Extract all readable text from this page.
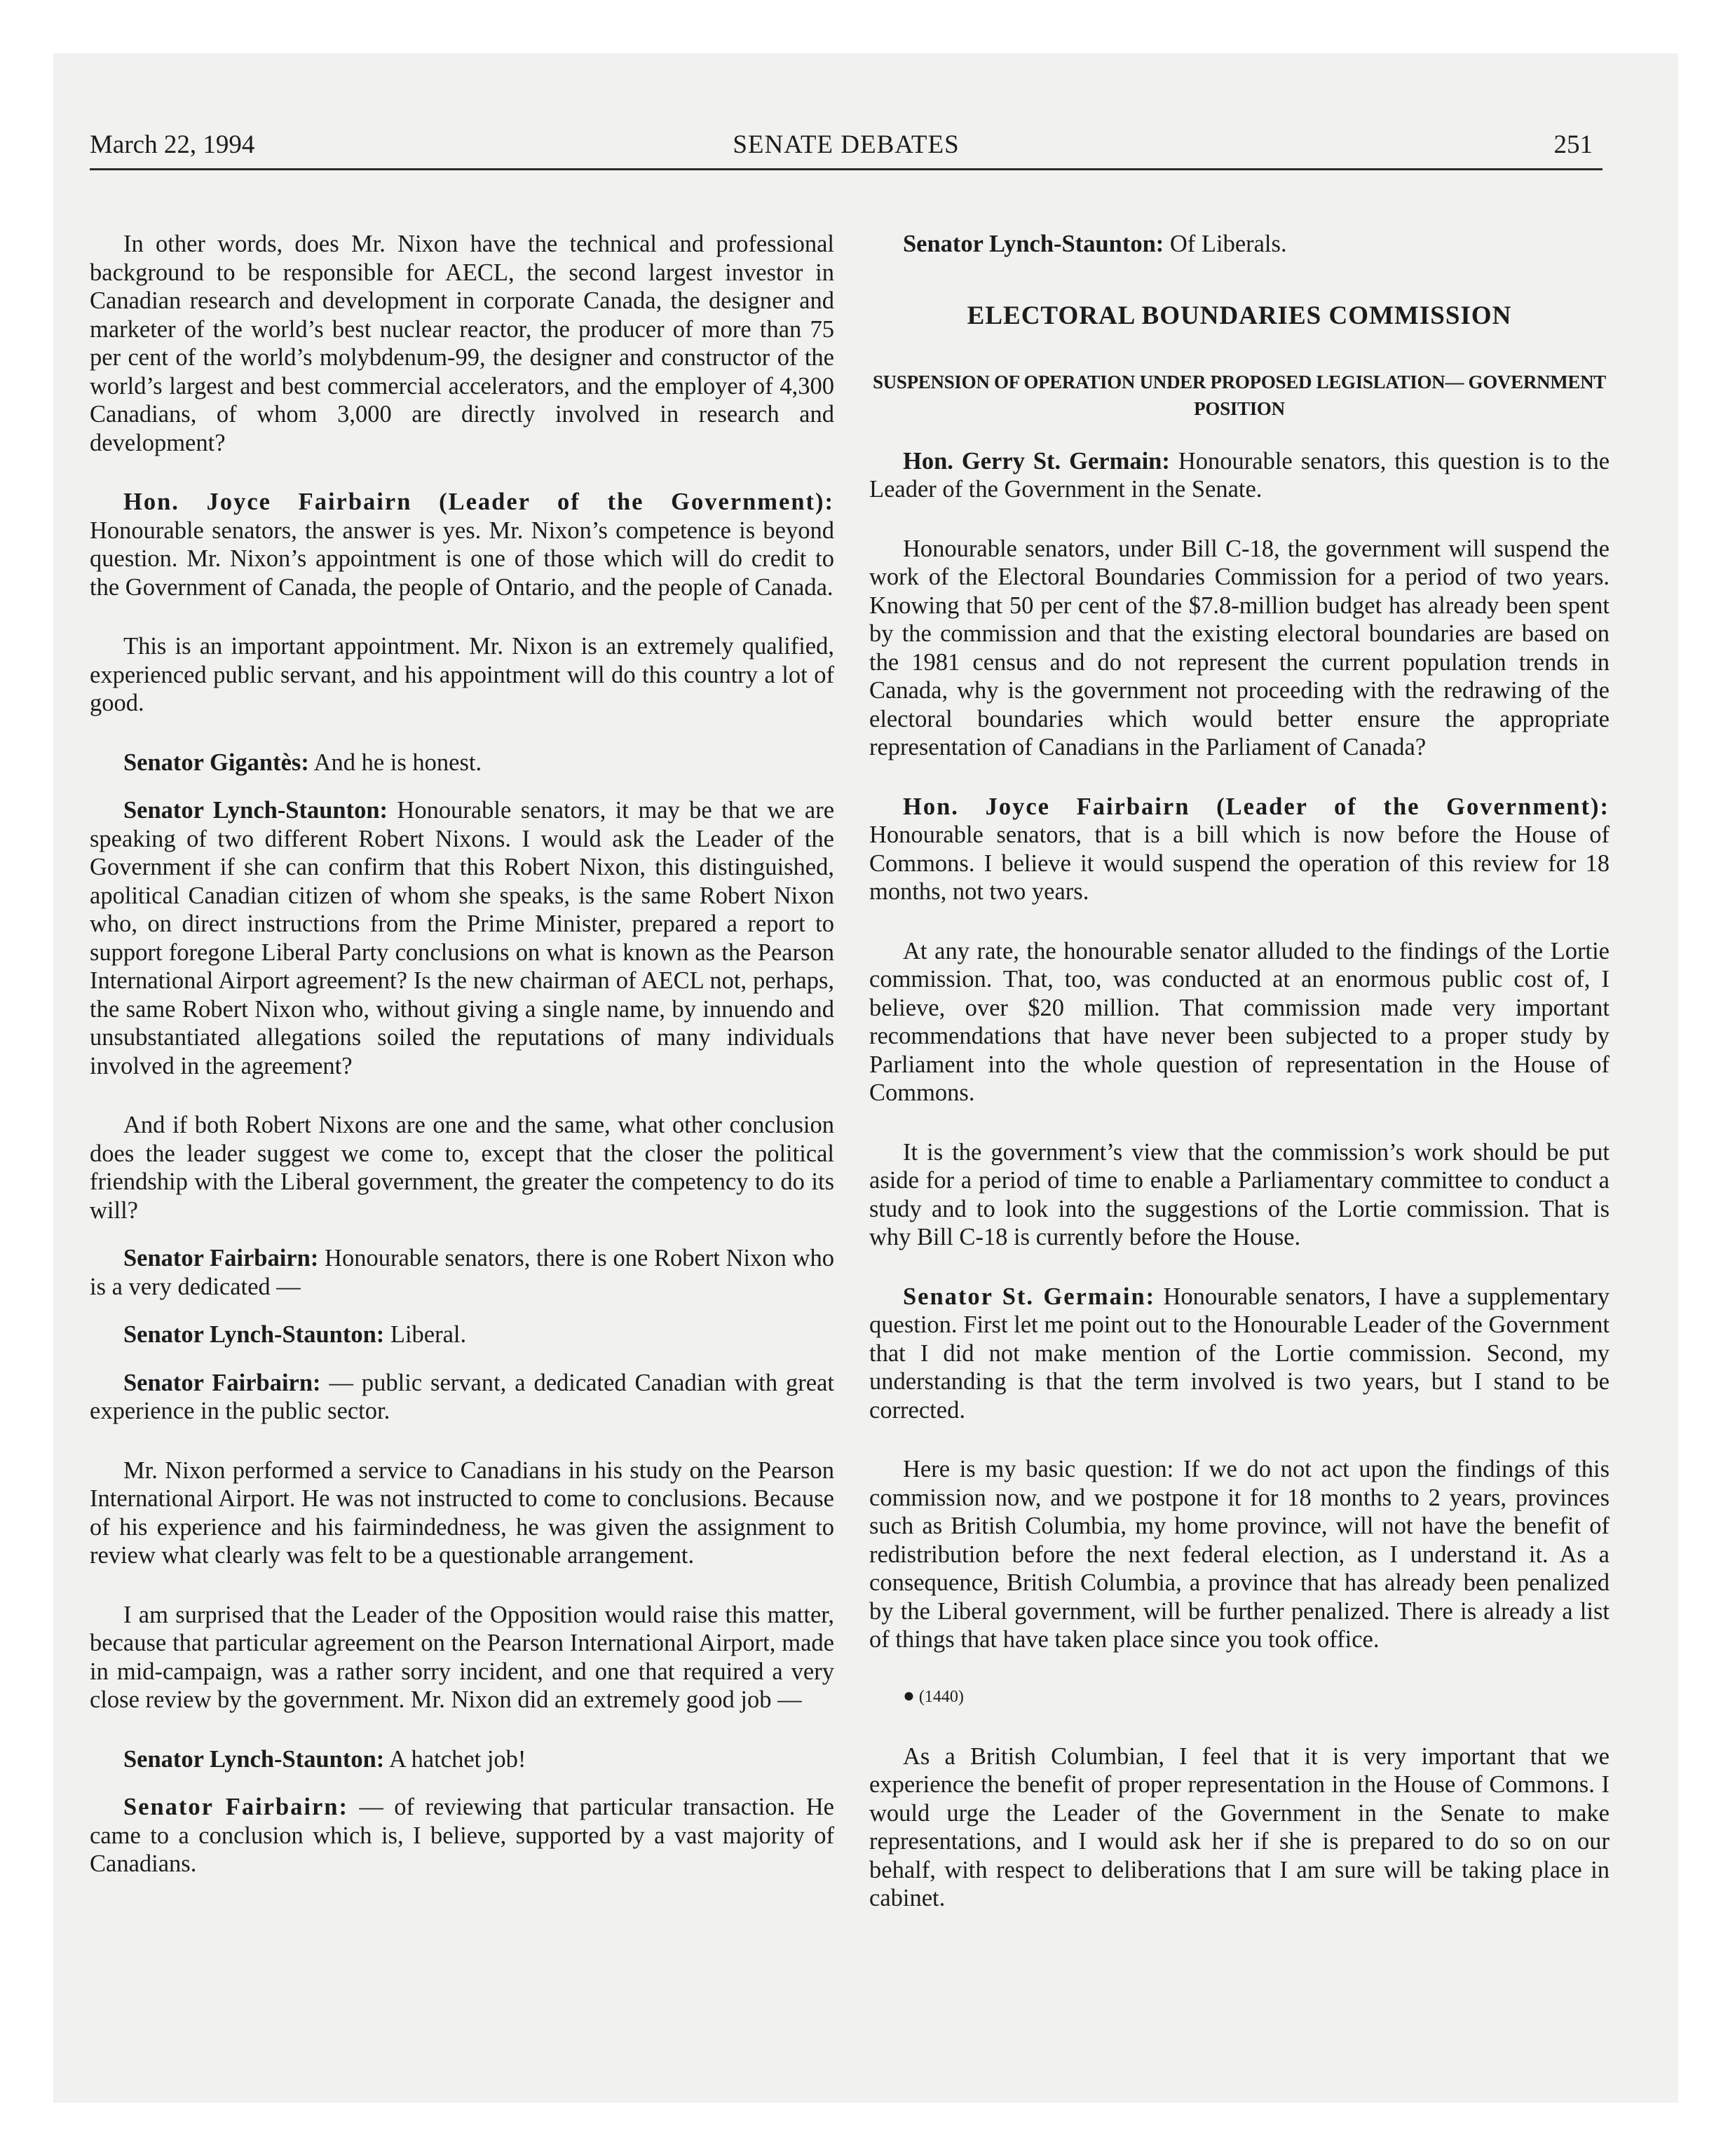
March 22, 1994	SENATE DEBATES	251

In other words, does Mr. Nixon have the technical and professional background to be responsible for AECL, the second largest investor in Canadian research and development in corporate Canada, the designer and marketer of the world’s best nuclear reactor, the producer of more than 75 per cent of the world’s molybdenum-99, the designer and constructor of the world’s largest and best commercial accelerators, and the employer of 4,300 Canadians, of whom 3,000 are directly involved in research and development?

Hon. Joyce Fairbairn (Leader of the Government): Honourable senators, the answer is yes. Mr. Nixon’s competence is beyond question. Mr. Nixon’s appointment is one of those which will do credit to the Government of Canada, the people of Ontario, and the people of Canada.

This is an important appointment. Mr. Nixon is an extremely qualified, experienced public servant, and his appointment will do this country a lot of good.

Senator Gigantès: And he is honest.

Senator Lynch-Staunton: Honourable senators, it may be that we are speaking of two different Robert Nixons. I would ask the Leader of the Government if she can confirm that this Robert Nixon, this distinguished, apolitical Canadian citizen of whom she speaks, is the same Robert Nixon who, on direct instructions from the Prime Minister, prepared a report to support foregone Liberal Party conclusions on what is known as the Pearson International Airport agreement? Is the new chairman of AECL not, perhaps, the same Robert Nixon who, without giving a single name, by innuendo and unsubstantiated allegations soiled the reputations of many individuals involved in the agreement?

And if both Robert Nixons are one and the same, what other conclusion does the leader suggest we come to, except that the closer the political friendship with the Liberal government, the greater the competency to do its will?

Senator Fairbairn: Honourable senators, there is one Robert Nixon who is a very dedicated —

Senator Lynch-Staunton: Liberal.

Senator Fairbairn: — public servant, a dedicated Canadian with great experience in the public sector.

Mr. Nixon performed a service to Canadians in his study on the Pearson International Airport. He was not instructed to come to conclusions. Because of his experience and his fairmindedness, he was given the assignment to review what clearly was felt to be a questionable arrangement.

I am surprised that the Leader of the Opposition would raise this matter, because that particular agreement on the Pearson International Airport, made in mid-campaign, was a rather sorry incident, and one that required a very close review by the government. Mr. Nixon did an extremely good job —

Senator Lynch-Staunton: A hatchet job!

Senator Fairbairn: — of reviewing that particular transaction. He came to a conclusion which is, I believe, supported by a vast majority of Canadians.

Senator Lynch-Staunton: Of Liberals.

ELECTORAL BOUNDARIES COMMISSION
SUSPENSION OF OPERATION UNDER PROPOSED LEGISLATION— GOVERNMENT POSITION

Hon. Gerry St. Germain: Honourable senators, this question is to the Leader of the Government in the Senate.

Honourable senators, under Bill C-18, the government will suspend the work of the Electoral Boundaries Commission for a period of two years. Knowing that 50 per cent of the $7.8-million budget has already been spent by the commission and that the existing electoral boundaries are based on the 1981 census and do not represent the current population trends in Canada, why is the government not proceeding with the redrawing of the electoral boundaries which would better ensure the appropriate representation of Canadians in the Parliament of Canada?

Hon. Joyce Fairbairn (Leader of the Government): Honourable senators, that is a bill which is now before the House of Commons. I believe it would suspend the operation of this review for 18 months, not two years.

At any rate, the honourable senator alluded to the findings of the Lortie commission. That, too, was conducted at an enormous public cost of, I believe, over $20 million. That commission made very important recommendations that have never been subjected to a proper study by Parliament into the whole question of representation in the House of Commons.

It is the government’s view that the commission’s work should be put aside for a period of time to enable a Parliamentary committee to conduct a study and to look into the suggestions of the Lortie commission. That is why Bill C-18 is currently before the House.

Senator St. Germain: Honourable senators, I have a supplementary question. First let me point out to the Honourable Leader of the Government that I did not make mention of the Lortie commission. Second, my understanding is that the term involved is two years, but I stand to be corrected.

Here is my basic question: If we do not act upon the findings of this commission now, and we postpone it for 18 months to 2 years, provinces such as British Columbia, my home province, will not have the benefit of redistribution before the next federal election, as I understand it. As a consequence, British Columbia, a province that has already been penalized by the Liberal government, will be further penalized. There is already a list of things that have taken place since you took office.

● (1440)

As a British Columbian, I feel that it is very important that we experience the benefit of proper representation in the House of Commons. I would urge the Leader of the Government in the Senate to make representations, and I would ask her if she is prepared to do so on our behalf, with respect to deliberations that I am sure will be taking place in cabinet.
